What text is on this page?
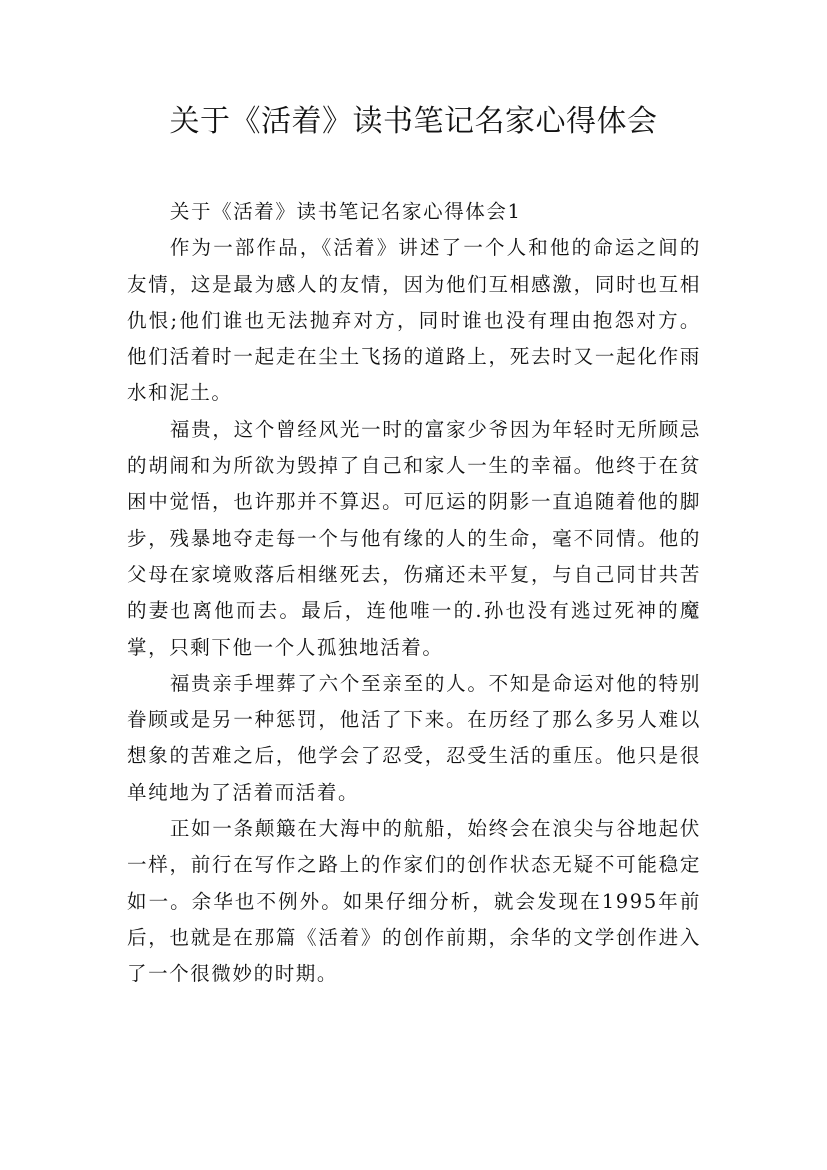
关于《活着》读书笔记名家心得体会

关于《活着》读书笔记名家心得体会1

作为一部作品，《活着》讲述了一个人和他的命运之间的友情，这是最为感人的友情，因为他们互相感激，同时也互相仇恨;他们谁也无法抛弃对方，同时谁也没有理由抱怨对方。他们活着时一起走在尘土飞扬的道路上，死去时又一起化作雨水和泥土。

福贵，这个曾经风光一时的富家少爷因为年轻时无所顾忌的胡闹和为所欲为毁掉了自己和家人一生的幸福。他终于在贫困中觉悟，也许那并不算迟。可厄运的阴影一直追随着他的脚步，残暴地夺走每一个与他有缘的人的生命，毫不同情。他的父母在家境败落后相继死去，伤痛还未平复，与自己同甘共苦的妻也离他而去。最后，连他唯一的.孙也没有逃过死神的魔掌，只剩下他一个人孤独地活着。

福贵亲手埋葬了六个至亲至的人。不知是命运对他的特别眷顾或是另一种惩罚，他活了下来。在历经了那么多另人难以想象的苦难之后，他学会了忍受，忍受生活的重压。他只是很单纯地为了活着而活着。

正如一条颠簸在大海中的航船，始终会在浪尖与谷地起伏一样，前行在写作之路上的作家们的创作状态无疑不可能稳定如一。余华也不例外。如果仔细分析，就会发现在1995年前后，也就是在那篇《活着》的创作前期，余华的文学创作进入了一个很微妙的时期。
